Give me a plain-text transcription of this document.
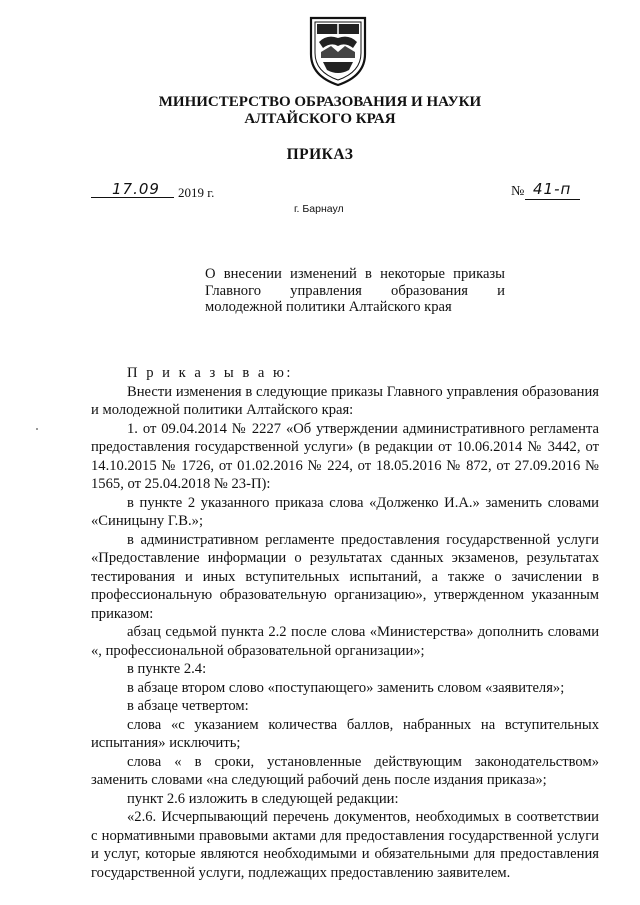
МИНИСТЕРСТВО ОБРАЗОВАНИЯ И НАУКИ
АЛТАЙСКОГО КРАЯ
ПРИКАЗ
17.09 2019 г.	№ 41-п
г. Барнаул
О внесении изменений в некоторые приказы Главного управления образования и молодежной политики Алтайского края

П р и к а з ы в а ю:

Внести изменения в следующие приказы Главного управления образования и молодежной политики Алтайского края:

1. от 09.04.2014 № 2227 «Об утверждении административного регламента предоставления государственной услуги» (в редакции от 10.06.2014 № 3442, от 14.10.2015 № 1726, от 01.02.2016 № 224, от 18.05.2016 № 872, от 27.09.2016 № 1565, от 25.04.2018 № 23-П):

в пункте 2 указанного приказа слова «Долженко И.А.» заменить словами «Синицыну Г.В.»;

в административном регламенте предоставления государственной услуги «Предоставление информации о результатах сданных экзаменов, результатах тестирования и иных вступительных испытаний, а также о зачислении в профессиональную образовательную организацию», утвержденном указанным приказом:

абзац седьмой пункта 2.2 после слова «Министерства» дополнить словами «, профессиональной образовательной организации»;

в пункте 2.4:

в абзаце втором слово «поступающего» заменить словом «заявителя»;

в абзаце четвертом:

слова «с указанием количества баллов, набранных на вступительных испытания» исключить;

слова « в сроки, установленные действующим законодательством» заменить словами «на следующий рабочий день после издания приказа»;

пункт 2.6 изложить в следующей редакции:

«2.6. Исчерпывающий перечень документов, необходимых в соответствии с нормативными правовыми актами для предоставления государственной услуги и услуг, которые являются необходимыми и обязательными для предоставления государственной услуги, подлежащих предоставлению заявителем.
